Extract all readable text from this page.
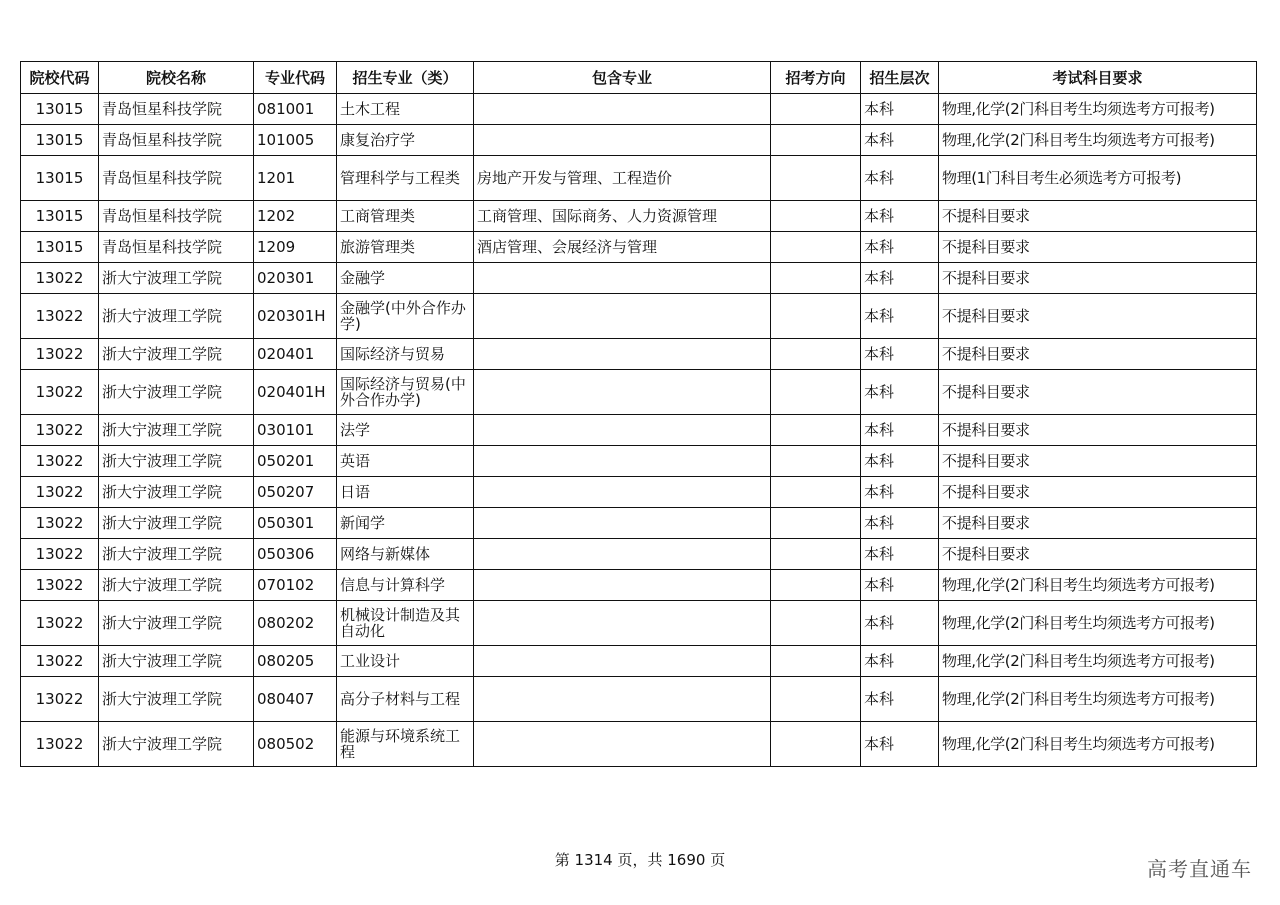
院校代码	院校名称	专业代码	招生专业（类）	包含专业	招考方向	招生层次	考试科目要求
13015	青岛恒星科技学院	081001	土木工程			本科	物理,化学(2门科目考生均须选考方可报考)
13015	青岛恒星科技学院	101005	康复治疗学			本科	物理,化学(2门科目考生均须选考方可报考)
13015	青岛恒星科技学院	1201	管理科学与工程类	房地产开发与管理、工程造价		本科	物理(1门科目考生必须选考方可报考)
13015	青岛恒星科技学院	1202	工商管理类	工商管理、国际商务、人力资源管理		本科	不提科目要求
13015	青岛恒星科技学院	1209	旅游管理类	酒店管理、会展经济与管理		本科	不提科目要求
13022	浙大宁波理工学院	020301	金融学			本科	不提科目要求
13022	浙大宁波理工学院	020301H	金融学(中外合作办学)			本科	不提科目要求
13022	浙大宁波理工学院	020401	国际经济与贸易			本科	不提科目要求
13022	浙大宁波理工学院	020401H	国际经济与贸易(中外合作办学)			本科	不提科目要求
13022	浙大宁波理工学院	030101	法学			本科	不提科目要求
13022	浙大宁波理工学院	050201	英语			本科	不提科目要求
13022	浙大宁波理工学院	050207	日语			本科	不提科目要求
13022	浙大宁波理工学院	050301	新闻学			本科	不提科目要求
13022	浙大宁波理工学院	050306	网络与新媒体			本科	不提科目要求
13022	浙大宁波理工学院	070102	信息与计算科学			本科	物理,化学(2门科目考生均须选考方可报考)
13022	浙大宁波理工学院	080202	机械设计制造及其自动化			本科	物理,化学(2门科目考生均须选考方可报考)
13022	浙大宁波理工学院	080205	工业设计			本科	物理,化学(2门科目考生均须选考方可报考)
13022	浙大宁波理工学院	080407	高分子材料与工程			本科	物理,化学(2门科目考生均须选考方可报考)
13022	浙大宁波理工学院	080502	能源与环境系统工程			本科	物理,化学(2门科目考生均须选考方可报考)
第 1314 页，共 1690 页	高考直通车
